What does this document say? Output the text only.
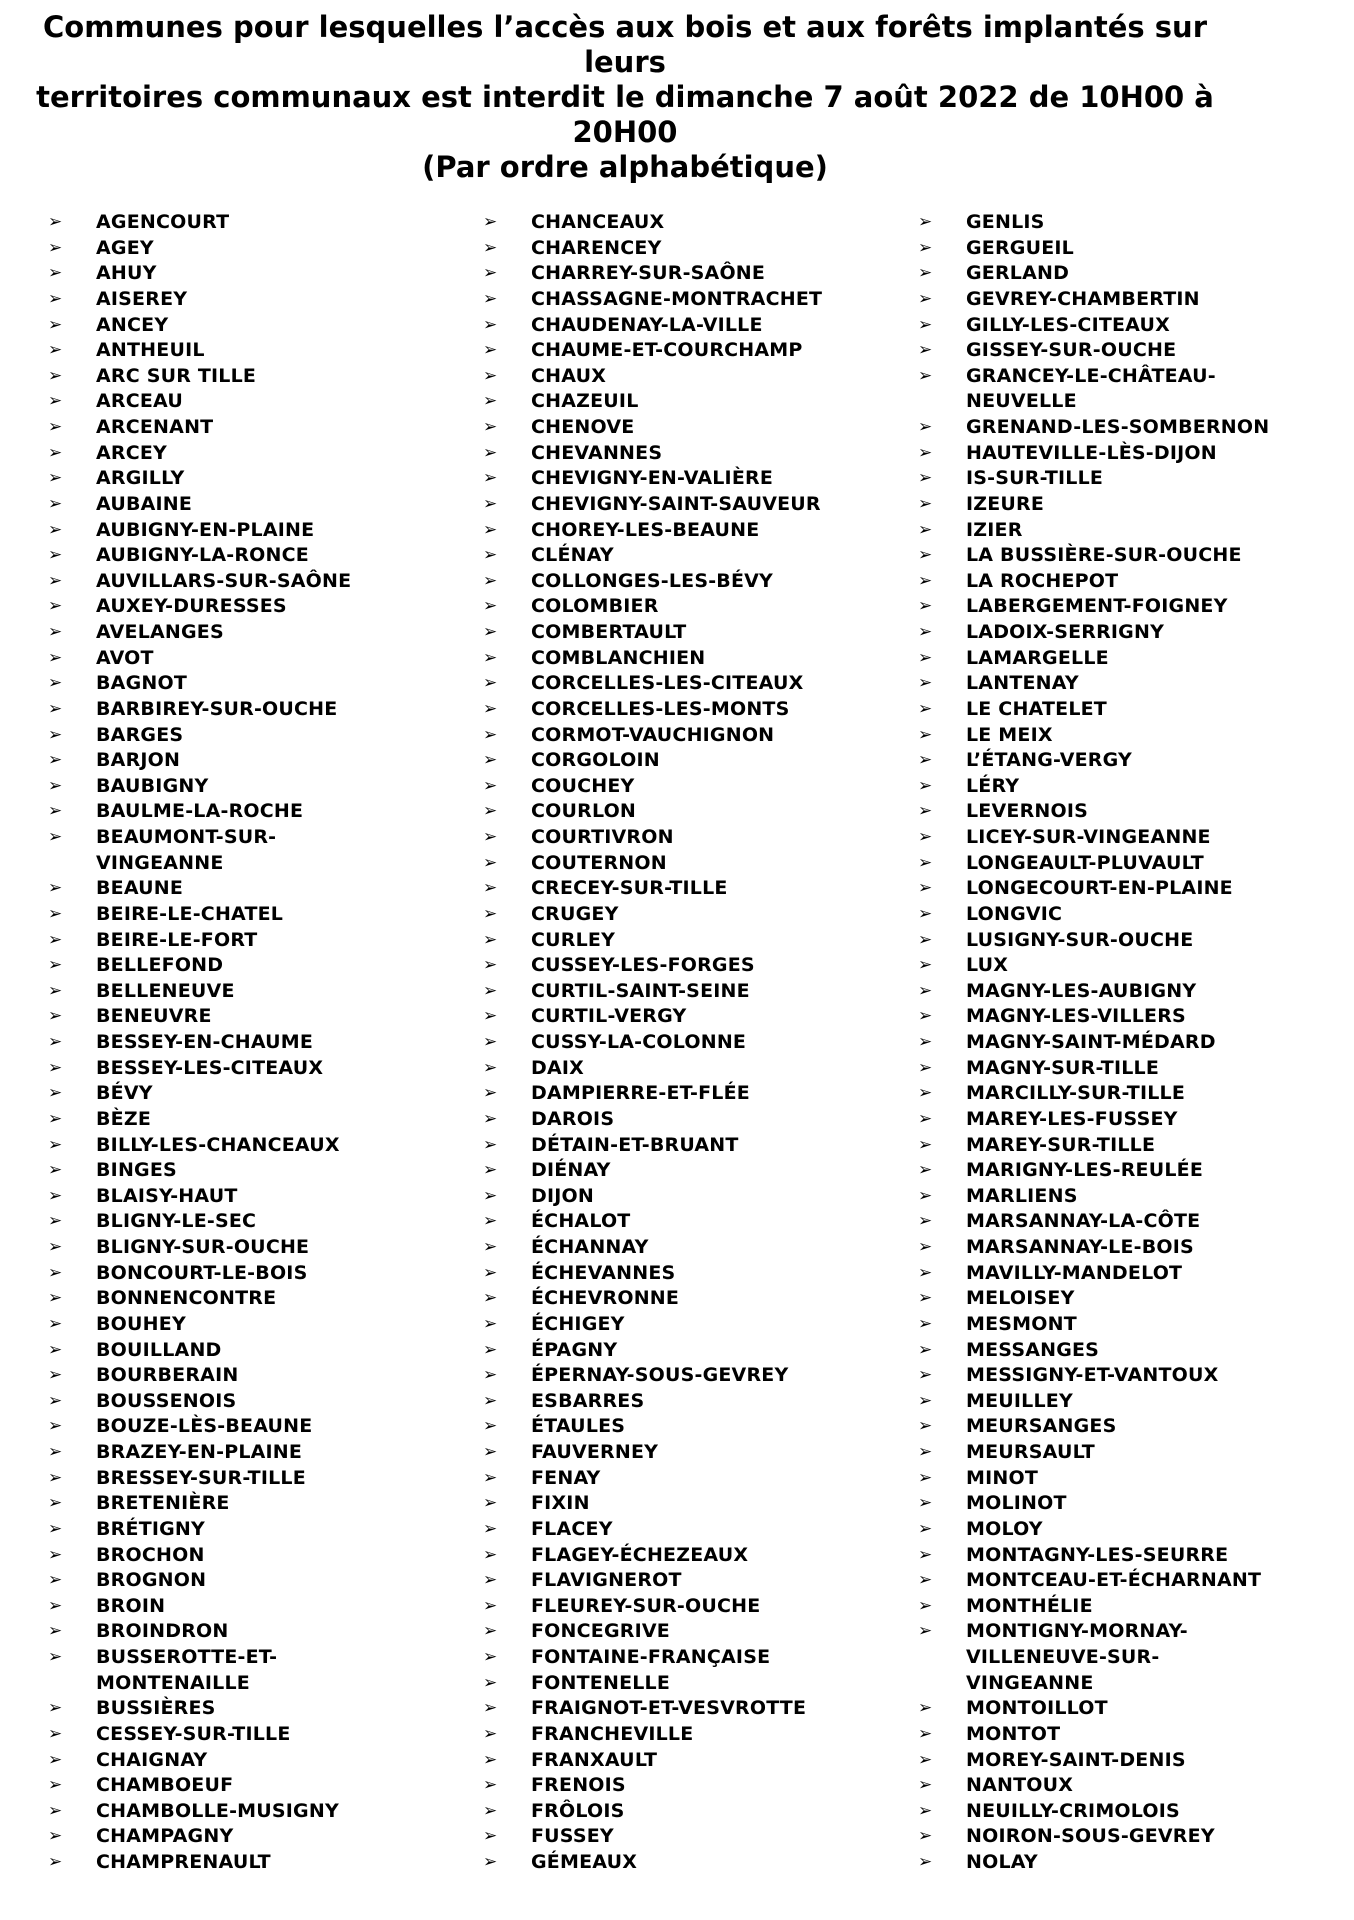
Communes pour lesquelles l’accès aux bois et aux forêts implantés sur leurs
territoires communaux est interdit le dimanche 7 août 2022 de 10H00 à 20H00
(Par ordre alphabétique)
➢ AGENCOURT
➢ AGEY
➢ AHUY
➢ AISEREY
➢ ANCEY
➢ ANTHEUIL
➢ ARC SUR TILLE
➢ ARCEAU
➢ ARCENANT
➢ ARCEY
➢ ARGILLY
➢ AUBAINE
➢ AUBIGNY-EN-PLAINE
➢ AUBIGNY-LA-RONCE
➢ AUVILLARS-SUR-SAÔNE
➢ AUXEY-DURESSES
➢ AVELANGES
➢ AVOT
➢ BAGNOT
➢ BARBIREY-SUR-OUCHE
➢ BARGES
➢ BARJON
➢ BAUBIGNY
➢ BAULME-LA-ROCHE
➢ BEAUMONT-SUR-
VINGEANNE
➢ BEAUNE
➢ BEIRE-LE-CHATEL
➢ BEIRE-LE-FORT
➢ BELLEFOND
➢ BELLENEUVE
➢ BENEUVRE
➢ BESSEY-EN-CHAUME
➢ BESSEY-LES-CITEAUX
➢ BÉVY
➢ BÈZE
➢ BILLY-LES-CHANCEAUX
➢ BINGES
➢ BLAISY-HAUT
➢ BLIGNY-LE-SEC
➢ BLIGNY-SUR-OUCHE
➢ BONCOURT-LE-BOIS
➢ BONNENCONTRE
➢ BOUHEY
➢ BOUILLAND
➢ BOURBERAIN
➢ BOUSSENOIS
➢ BOUZE-LÈS-BEAUNE
➢ BRAZEY-EN-PLAINE
➢ BRESSEY-SUR-TILLE
➢ BRETENIÈRE
➢ BRÉTIGNY
➢ BROCHON
➢ BROGNON
➢ BROIN
➢ BROINDRON
➢ BUSSEROTTE-ET-
MONTENAILLE
➢ BUSSIÈRES
➢ CESSEY-SUR-TILLE
➢ CHAIGNAY
➢ CHAMBOEUF
➢ CHAMBOLLE-MUSIGNY
➢ CHAMPAGNY
➢ CHAMPRENAULT
➢ CHANCEAUX
➢ CHARENCEY
➢ CHARREY-SUR-SAÔNE
➢ CHASSAGNE-MONTRACHET
➢ CHAUDENAY-LA-VILLE
➢ CHAUME-ET-COURCHAMP
➢ CHAUX
➢ CHAZEUIL
➢ CHENOVE
➢ CHEVANNES
➢ CHEVIGNY-EN-VALIÈRE
➢ CHEVIGNY-SAINT-SAUVEUR
➢ CHOREY-LES-BEAUNE
➢ CLÉNAY
➢ COLLONGES-LES-BÉVY
➢ COLOMBIER
➢ COMBERTAULT
➢ COMBLANCHIEN
➢ CORCELLES-LES-CITEAUX
➢ CORCELLES-LES-MONTS
➢ CORMOT-VAUCHIGNON
➢ CORGOLOIN
➢ COUCHEY
➢ COURLON
➢ COURTIVRON
➢ COUTERNON
➢ CRECEY-SUR-TILLE
➢ CRUGEY
➢ CURLEY
➢ CUSSEY-LES-FORGES
➢ CURTIL-SAINT-SEINE
➢ CURTIL-VERGY
➢ CUSSY-LA-COLONNE
➢ DAIX
➢ DAMPIERRE-ET-FLÉE
➢ DAROIS
➢ DÉTAIN-ET-BRUANT
➢ DIÉNAY
➢ DIJON
➢ ÉCHALOT
➢ ÉCHANNAY
➢ ÉCHEVANNES
➢ ÉCHEVRONNE
➢ ÉCHIGEY
➢ ÉPAGNY
➢ ÉPERNAY-SOUS-GEVREY
➢ ESBARRES
➢ ÉTAULES
➢ FAUVERNEY
➢ FENAY
➢ FIXIN
➢ FLACEY
➢ FLAGEY-ÉCHEZEAUX
➢ FLAVIGNEROT
➢ FLEUREY-SUR-OUCHE
➢ FONCEGRIVE
➢ FONTAINE-FRANÇAISE
➢ FONTENELLE
➢ FRAIGNOT-ET-VESVROTTE
➢ FRANCHEVILLE
➢ FRANXAULT
➢ FRENOIS
➢ FRÔLOIS
➢ FUSSEY
➢ GÉMEAUX
➢ GENLIS
➢ GERGUEIL
➢ GERLAND
➢ GEVREY-CHAMBERTIN
➢ GILLY-LES-CITEAUX
➢ GISSEY-SUR-OUCHE
➢ GRANCEY-LE-CHÂTEAU-
NEUVELLE
➢ GRENAND-LES-SOMBERNON
➢ HAUTEVILLE-LÈS-DIJON
➢ IS-SUR-TILLE
➢ IZEURE
➢ IZIER
➢ LA BUSSIÈRE-SUR-OUCHE
➢ LA ROCHEPOT
➢ LABERGEMENT-FOIGNEY
➢ LADOIX-SERRIGNY
➢ LAMARGELLE
➢ LANTENAY
➢ LE CHATELET
➢ LE MEIX
➢ L’ÉTANG-VERGY
➢ LÉRY
➢ LEVERNOIS
➢ LICEY-SUR-VINGEANNE
➢ LONGEAULT-PLUVAULT
➢ LONGECOURT-EN-PLAINE
➢ LONGVIC
➢ LUSIGNY-SUR-OUCHE
➢ LUX
➢ MAGNY-LES-AUBIGNY
➢ MAGNY-LES-VILLERS
➢ MAGNY-SAINT-MÉDARD
➢ MAGNY-SUR-TILLE
➢ MARCILLY-SUR-TILLE
➢ MAREY-LES-FUSSEY
➢ MAREY-SUR-TILLE
➢ MARIGNY-LES-REULÉE
➢ MARLIENS
➢ MARSANNAY-LA-CÔTE
➢ MARSANNAY-LE-BOIS
➢ MAVILLY-MANDELOT
➢ MELOISEY
➢ MESMONT
➢ MESSANGES
➢ MESSIGNY-ET-VANTOUX
➢ MEUILLEY
➢ MEURSANGES
➢ MEURSAULT
➢ MINOT
➢ MOLINOT
➢ MOLOY
➢ MONTAGNY-LES-SEURRE
➢ MONTCEAU-ET-ÉCHARNANT
➢ MONTHÉLIE
➢ MONTIGNY-MORNAY-
VILLENEUVE-SUR-
VINGEANNE
➢ MONTOILLOT
➢ MONTOT
➢ MOREY-SAINT-DENIS
➢ NANTOUX
➢ NEUILLY-CRIMOLOIS
➢ NOIRON-SOUS-GEVREY
➢ NOLAY
